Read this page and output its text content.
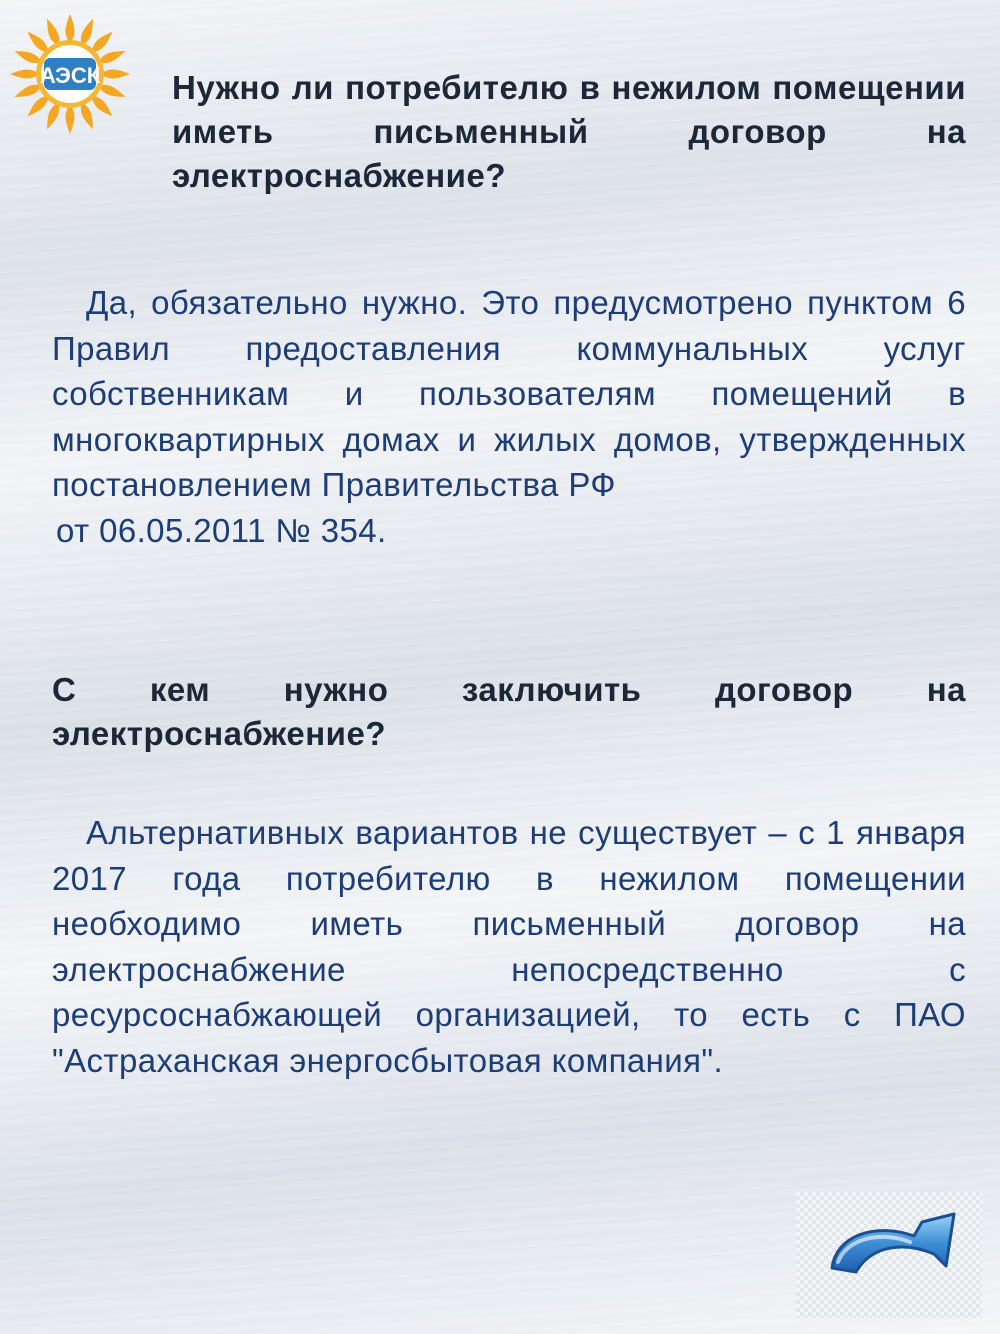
АЭСК Нужно ли потребителю в нежилом помещении иметь письменный договор на электроснабжение?

Да, обязательно нужно. Это предусмотрено пунктом 6 Правил предоставления коммунальных услуг собственникам и пользователям помещений в многоквартирных домах и жилых домов, утвержденных постановлением Правительства РФ
от 06.05.2011 № 354.

С кем нужно заключить договор на электроснабжение?

Альтернативных вариантов не существует – с 1 января 2017 года потребителю в нежилом помещении необходимо иметь письменный договор на электроснабжение непосредственно с ресурсоснабжающей организацией, то есть с ПАО "Астраханская энергосбытовая компания".
